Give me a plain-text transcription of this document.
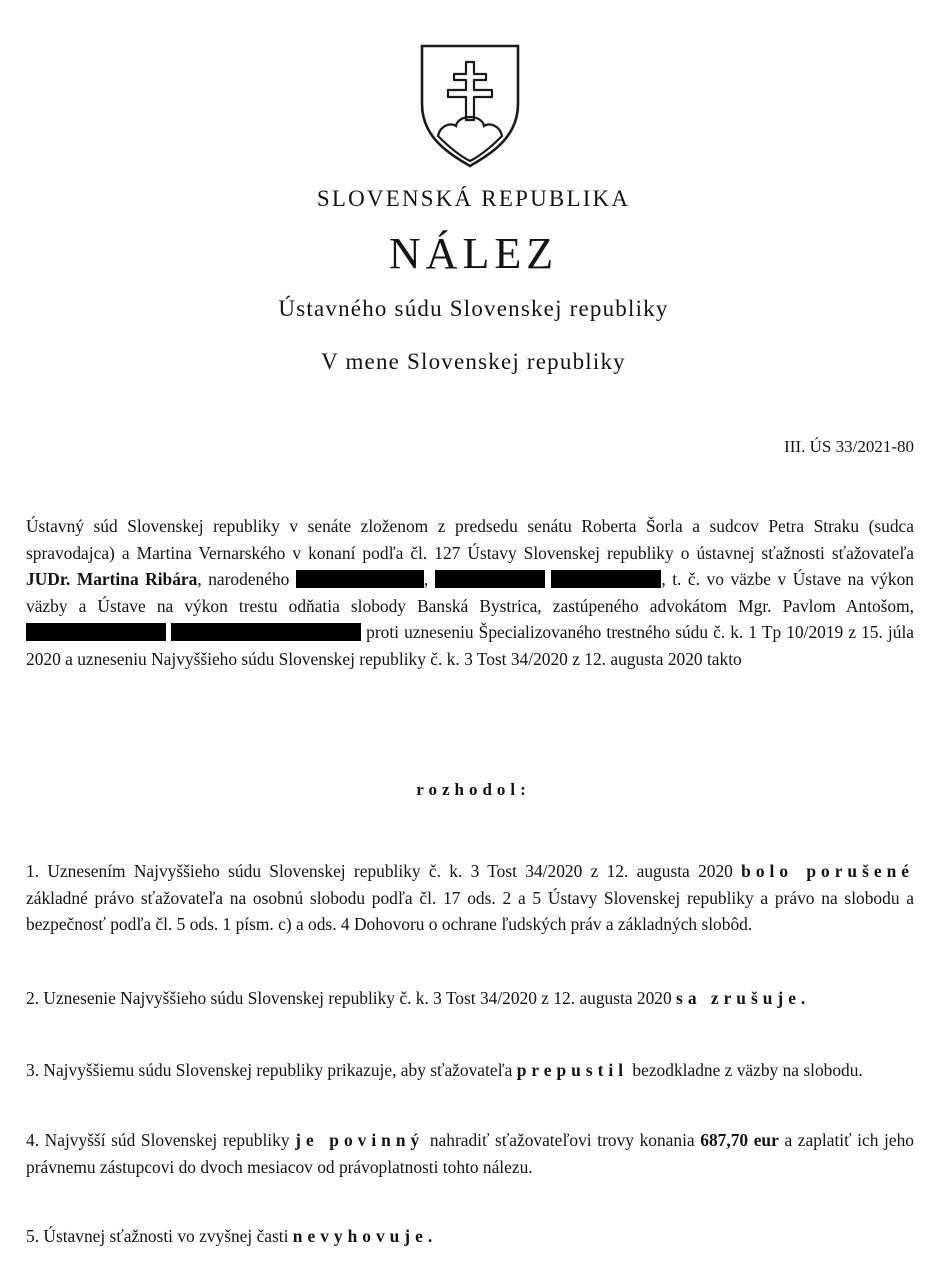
SLOVENSKÁ REPUBLIKA
NÁLEZ
Ústavného súdu Slovenskej republiky
V mene Slovenskej republiky
III. ÚS 33/2021-80

Ústavný súd Slovenskej republiky v senáte zloženom z predsedu senátu Roberta Šorla a sudcov Petra Straku (sudca spravodajca) a Martina Vernarského v konaní podľa čl. 127 Ústavy Slovenskej republiky o ústavnej sťažnosti sťažovateľa JUDr. Martina Ribára, narodeného	,	, t. č. vo väzbe v Ústave na výkon väzby a Ústave na výkon trestu odňatia slobody Banská Bystrica, zastúpeného advokátom Mgr. Pavlom Antošom,   proti uzneseniu Špecializovaného trestného súdu č. k. 1 Tp 10/2019 z 15. júla 2020 a uzneseniu Najvyššieho súdu Slovenskej republiky č. k. 3 Tost 34/2020 z 12. augusta 2020 takto

rozhodol:

1. Uznesením Najvyššieho súdu Slovenskej republiky č. k. 3 Tost 34/2020 z 12. augusta 2020 bolo porušené základné právo sťažovateľa na osobnú slobodu podľa čl. 17 ods. 2 a 5 Ústavy Slovenskej republiky a právo na slobodu a bezpečnosť podľa čl. 5 ods. 1 písm. c) a ods. 4 Dohovoru o ochrane ľudských práv a základných slobôd.

2. Uznesenie Najvyššieho súdu Slovenskej republiky č. k. 3 Tost 34/2020 z 12. augusta 2020 sa zrušuje.

3. Najvyššiemu súdu Slovenskej republiky prikazuje, aby sťažovateľa prepustil bezodkladne z väzby na slobodu.

4. Najvyšší súd Slovenskej republiky je povinný nahradiť sťažovateľovi trovy konania 687,70 eur a zaplatiť ich jeho právnemu zástupcovi do dvoch mesiacov od právoplatnosti tohto nálezu.

5. Ústavnej sťažnosti vo zvyšnej časti nevyhovuje.
